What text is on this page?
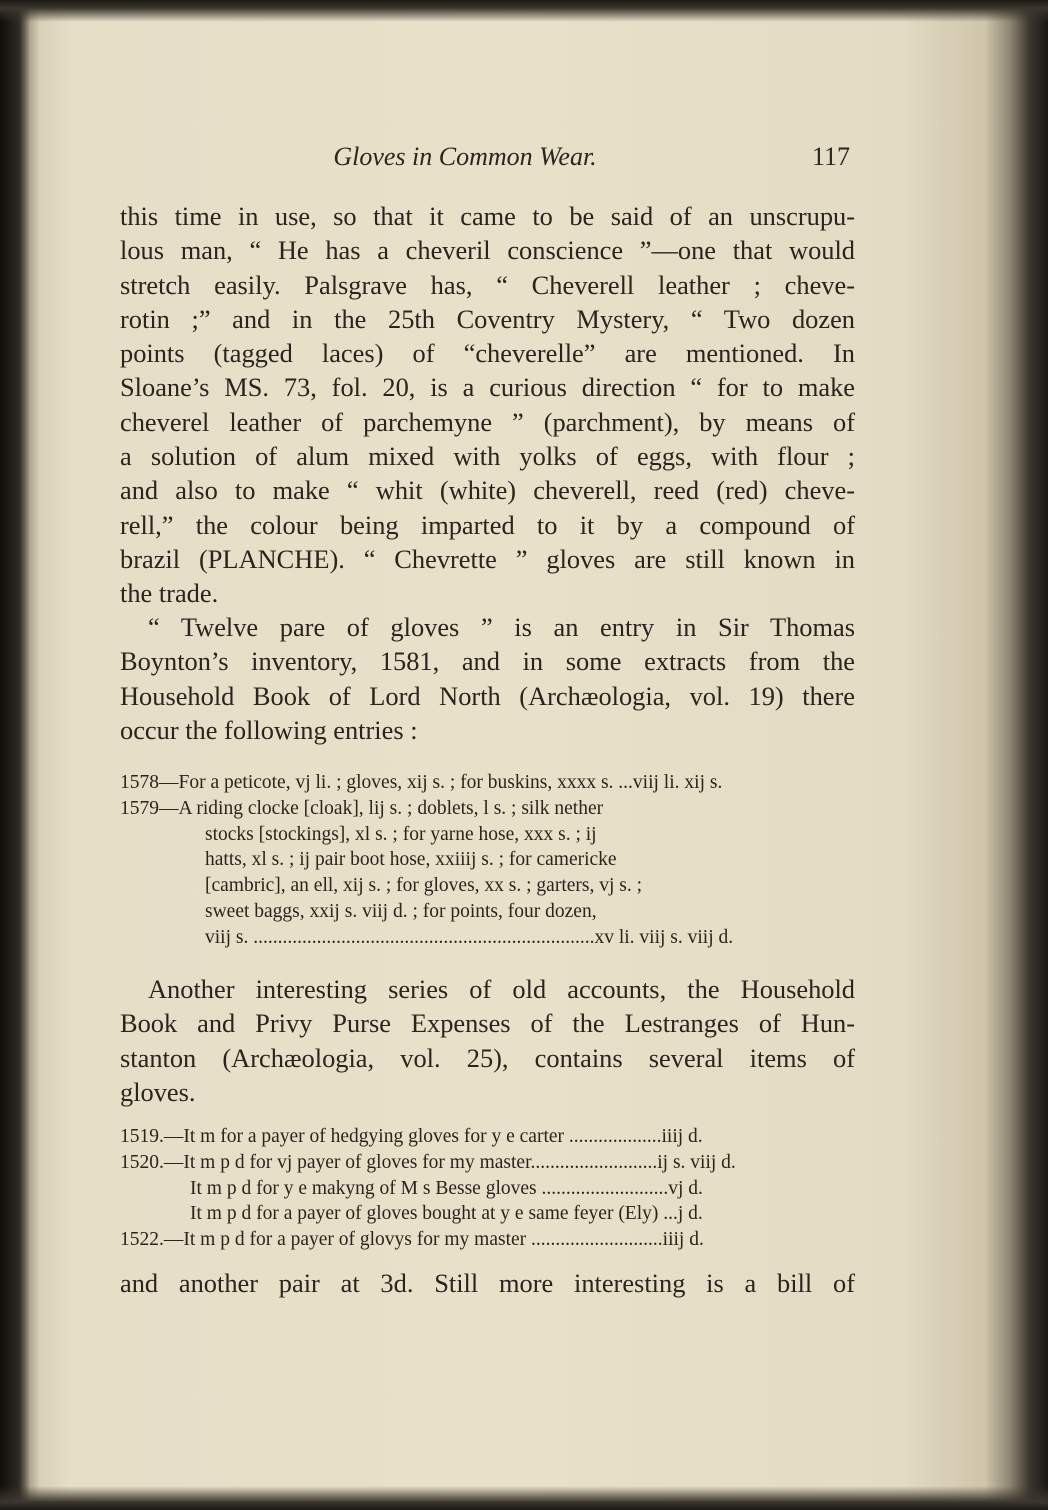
Gloves in Common Wear.	117
this time in use, so that it came to be said of an unscrupu-
lous man, “ He has a cheveril conscience ”—one that would
stretch easily. Palsgrave has, “ Cheverell leather ; cheve-
rotin ;” and in the 25th Coventry Mystery, “ Two dozen
points (tagged laces) of “cheverelle” are mentioned. In
Sloane’s MS. 73, fol. 20, is a curious direction “ for to make
cheverel leather of parchemyne ” (parchment), by means of
a solution of alum mixed with yolks of eggs, with flour ;
and also to make “ whit (white) cheverell, reed (red) cheve-
rell,” the colour being imparted to it by a compound of
brazil (PLANCHE). “ Chevrette ” gloves are still known in
the trade.
“ Twelve pare of gloves ” is an entry in Sir Thomas
Boynton’s inventory, 1581, and in some extracts from the
Household Book of Lord North (Archæologia, vol. 19) there
occur the following entries :
1578—For a peticote, vj li. ; gloves, xij s. ; for buskins, xxxx s. ...viij li. xij s.
1579—A riding clocke [cloak], lij s. ; doblets, l s. ; silk nether
stocks [stockings], xl s. ; for yarne hose, xxx s. ; ij
hatts, xl s. ; ij pair boot hose, xxiiij s. ; for camericke
[cambric], an ell, xij s. ; for gloves, xx s. ; garters, vj s. ;
sweet baggs, xxij s. viij d. ; for points, four dozen,
viij s. ......................................................................xv li. viij s. viij d.
Another interesting series of old accounts, the Household
Book and Privy Purse Expenses of the Lestranges of Hun-
stanton (Archæologia, vol. 25), contains several items of
gloves.
1519.—It m for a payer of hedgying gloves for y e carter ...................iiij d.
1520.—It m p d for vj payer of gloves for my master..........................ij s. viij d.
It m p d for y e makyng of M s Besse gloves ..........................vj d.
It m p d for a payer of gloves bought at y e same feyer (Ely) ...j d.
1522.—It m p d for a payer of glovys for my master ...........................iiij d.
and another pair at 3d. Still more interesting is a bill of
